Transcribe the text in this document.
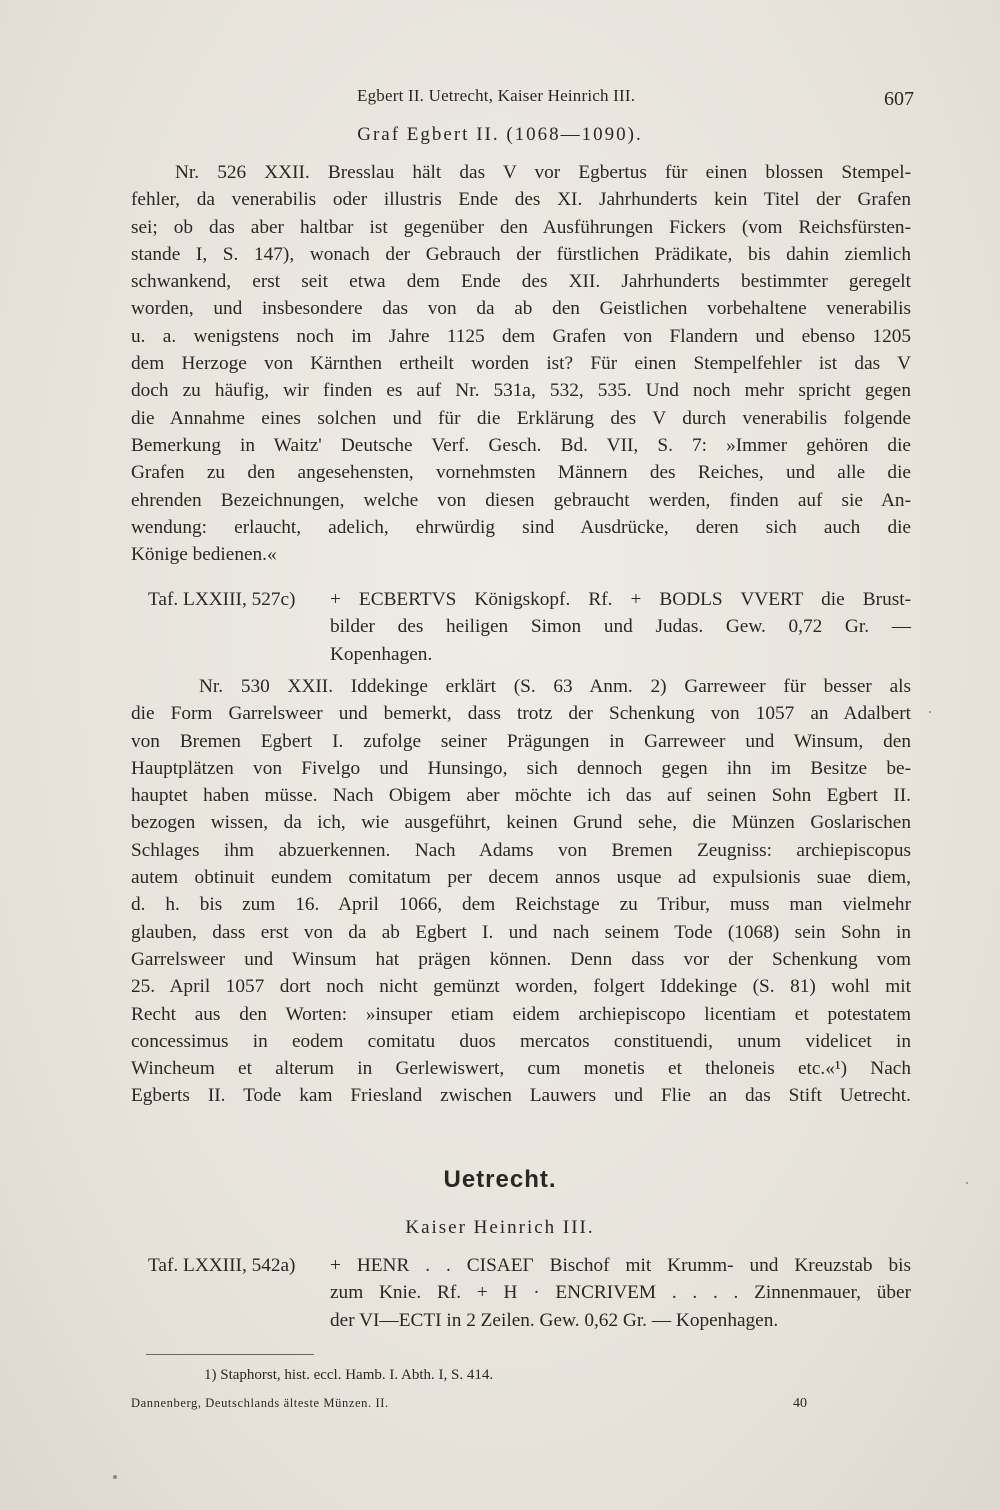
Egbert II. Uetrecht, Kaiser Heinrich III.	607
Graf Egbert II. (1068—1090).
Nr. 526 XXII. Bresslau hält das V vor Egbertus für einen blossen Stempel-
fehler, da venerabilis oder illustris Ende des XI. Jahrhunderts kein Titel der Grafen
sei; ob das aber haltbar ist gegenüber den Ausführungen Fickers (vom Reichsfürsten-
stande I, S. 147), wonach der Gebrauch der fürstlichen Prädikate, bis dahin ziemlich
schwankend, erst seit etwa dem Ende des XII. Jahrhunderts bestimmter geregelt
worden, und insbesondere das von da ab den Geistlichen vorbehaltene venerabilis
u. a. wenigstens noch im Jahre 1125 dem Grafen von Flandern und ebenso 1205
dem Herzoge von Kärnthen ertheilt worden ist? Für einen Stempelfehler ist das V
doch zu häufig, wir finden es auf Nr. 531a, 532, 535. Und noch mehr spricht gegen
die Annahme eines solchen und für die Erklärung des V durch venerabilis folgende
Bemerkung in Waitz' Deutsche Verf. Gesch. Bd. VII, S. 7: »Immer gehören die
Grafen zu den angesehensten, vornehmsten Männern des Reiches, und alle die
ehrenden Bezeichnungen, welche von diesen gebraucht werden, finden auf sie An-
wendung: erlaucht, adelich, ehrwürdig sind Ausdrücke, deren sich auch die
Könige bedienen.«
Taf. LXXIII, 527c) + ECBERTVS Königskopf. Rf. + BODLS VVERT die Brust-
bilder des heiligen Simon und Judas. Gew. 0,72 Gr. —
Kopenhagen.
Nr. 530 XXII. Iddekinge erklärt (S. 63 Anm. 2) Garreweer für besser als
die Form Garrelsweer und bemerkt, dass trotz der Schenkung von 1057 an Adalbert
von Bremen Egbert I. zufolge seiner Prägungen in Garreweer und Winsum, den
Hauptplätzen von Fivelgo und Hunsingo, sich dennoch gegen ihn im Besitze be-
hauptet haben müsse. Nach Obigem aber möchte ich das auf seinen Sohn Egbert II.
bezogen wissen, da ich, wie ausgeführt, keinen Grund sehe, die Münzen Goslarischen
Schlages ihm abzuerkennen. Nach Adams von Bremen Zeugniss: archiepiscopus
autem obtinuit eundem comitatum per decem annos usque ad expulsionis suae diem,
d. h. bis zum 16. April 1066, dem Reichstage zu Tribur, muss man vielmehr
glauben, dass erst von da ab Egbert I. und nach seinem Tode (1068) sein Sohn in
Garrelsweer und Winsum hat prägen können. Denn dass vor der Schenkung vom
25. April 1057 dort noch nicht gemünzt worden, folgert Iddekinge (S. 81) wohl mit
Recht aus den Worten: »insuper etiam eidem archiepiscopo licentiam et potestatem
concessimus in eodem comitatu duos mercatos constituendi, unum videlicet in
Wincheum et alterum in Gerlewiswert, cum monetis et theloneis etc.«¹) Nach
Egberts II. Tode kam Friesland zwischen Lauwers und Flie an das Stift Uetrecht.
Uetrecht.
Kaiser Heinrich III.
Taf. LXXIII, 542a) + HENR . . CISAEΓ Bischof mit Krumm- und Kreuzstab bis
zum Knie. Rf. + H · ENCRIVEM . . . . Zinnenmauer, über
der VI—ECTI in 2 Zeilen. Gew. 0,62 Gr. — Kopenhagen.
1) Staphorst, hist. eccl. Hamb. I. Abth. I, S. 414.
Dannenberg, Deutschlands älteste Münzen. II.	40
